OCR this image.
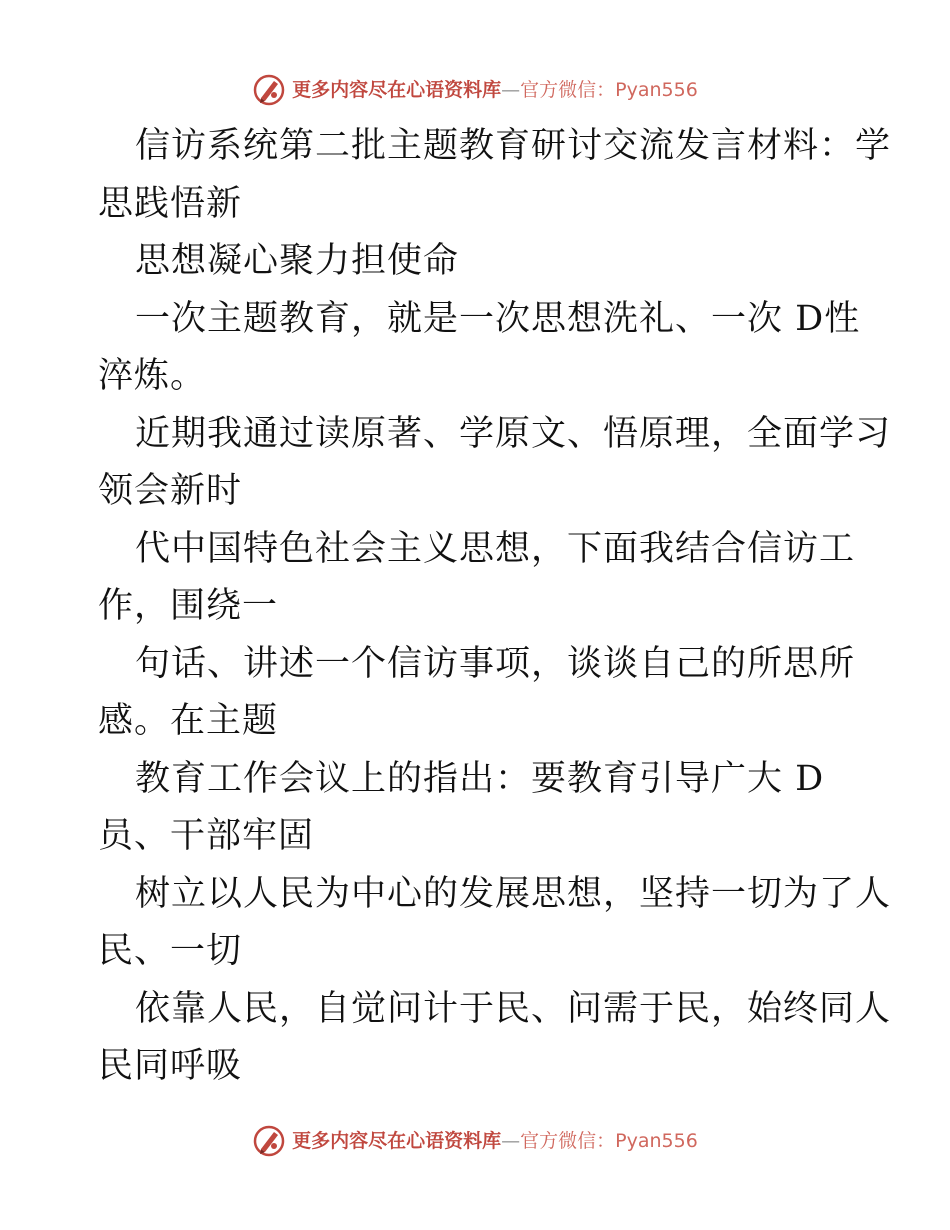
更多内容尽在心语资料库 — 官方微信：Pyan556
信访系统第二批主题教育研讨交流发言材料：学
思践悟新
思想凝心聚力担使命
一次主题教育，就是一次思想洗礼、一次 D性
淬炼。
近期我通过读原著、学原文、悟原理，全面学习
领会新时
代中国特色社会主义思想，下面我结合信访工
作，围绕一
句话、讲述一个信访事项，谈谈自己的所思所
感。在主题
教育工作会议上的指出：要教育引导广大 D
员、干部牢固
树立以人民为中心的发展思想，坚持一切为了人
民、一切
依靠人民，自觉问计于民、问需于民，始终同人
民同呼吸
更多内容尽在心语资料库 — 官方微信：Pyan556
